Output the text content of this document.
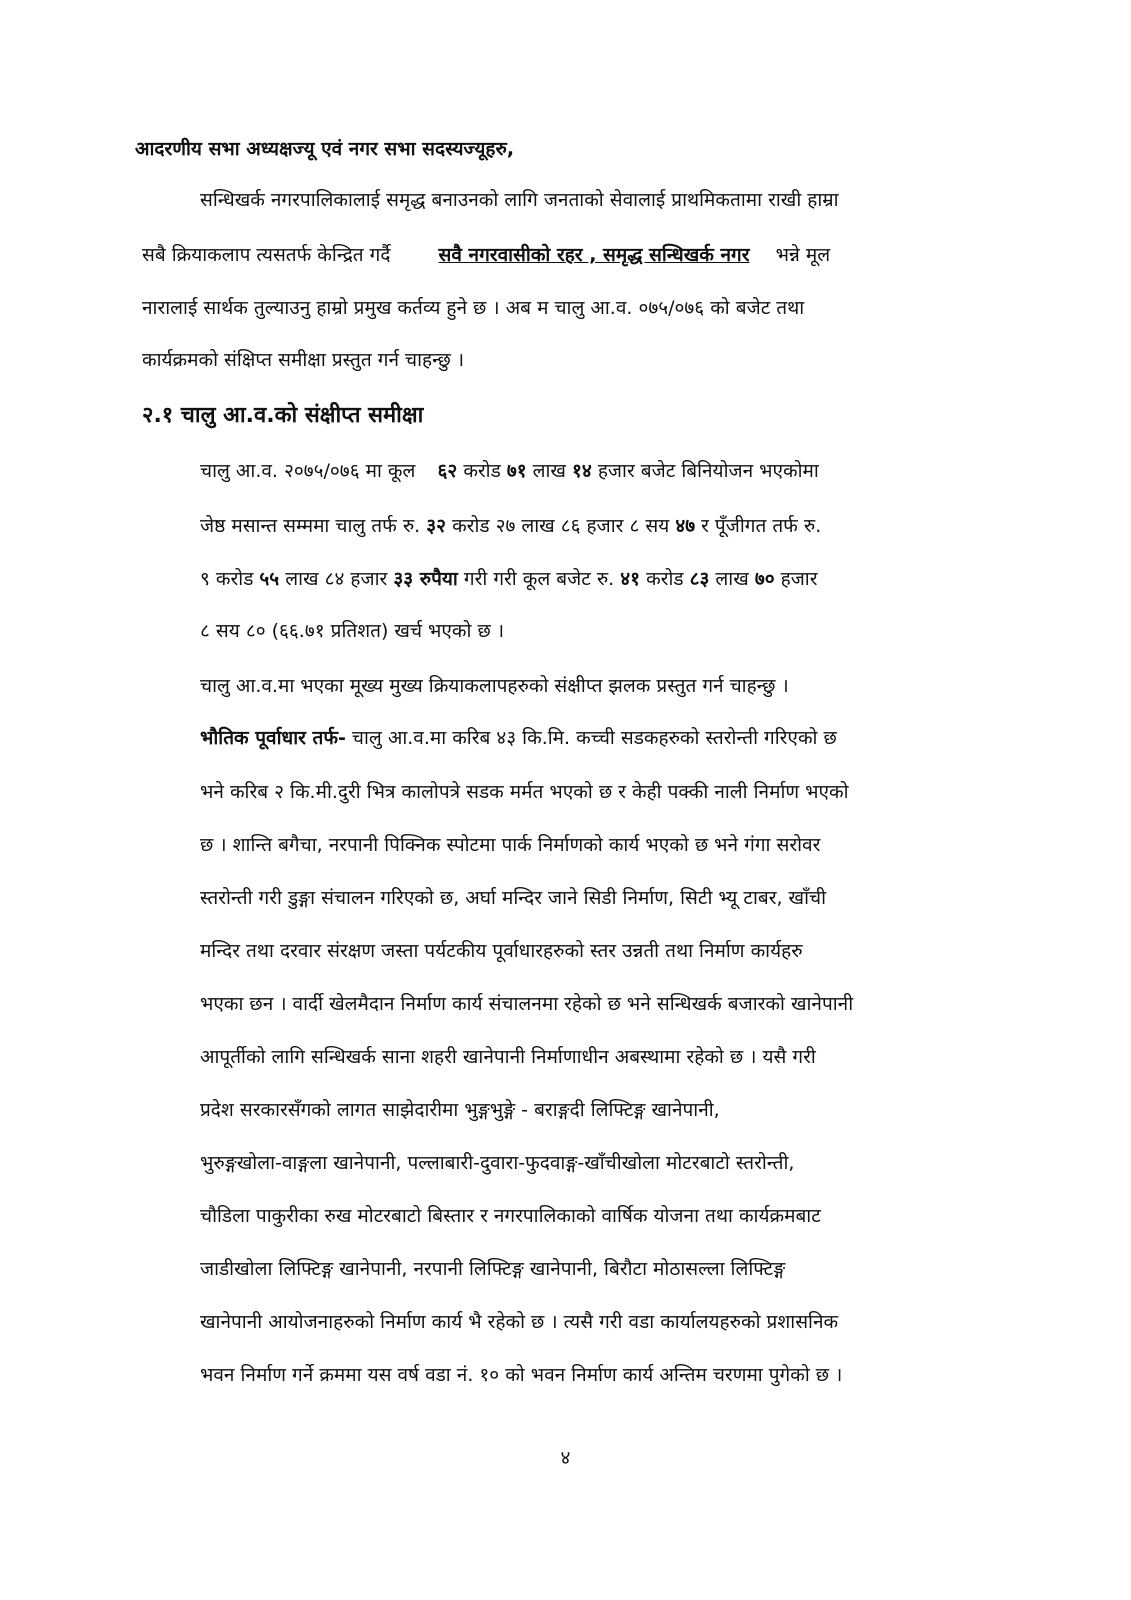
आदरणीय सभा अध्यक्षज्यू एवं नगर सभा सदस्यज्यूहरु,
सन्धिखर्क नगरपालिकालाई समृद्ध बनाउनको लागि जनताको सेवालाई प्राथमिकतामा राखी हाम्रा
सबै क्रियाकलाप त्यसतर्फ केन्द्रित गर्दै	सवै नगरवासीको रहर , समृद्ध सन्धिखर्क नगर भन्ने मूल
नारालाई सार्थक तुल्याउनु हाम्रो प्रमुख कर्तव्य हुने छ । अब म चालु आ.व. ०७५/०७६ को बजेट तथा
कार्यक्रमको संक्षिप्त समीक्षा प्रस्तुत गर्न चाहन्छु ।
२.१ चालु आ.व.को संक्षीप्त समीक्षा
चालु आ.व. २०७५/०७६ मा कूल ६२ करोड ७१ लाख १४ हजार बजेट बिनियोजन भएकोमा
जेष्ठ मसान्त सम्ममा चालु तर्फ रु. ३२ करोड २७ लाख ८६ हजार ८ सय ४७ र पूँजीगत तर्फ रु.
९ करोड ५५ लाख ८४ हजार ३३ रुपैया गरी गरी कूल बजेट रु. ४१ करोड ८३ लाख ७० हजार
८ सय ८० (६६.७१ प्रतिशत) खर्च भएको छ ।
चालु आ.व.मा भएका मूख्य मुख्य क्रियाकलापहरुको संक्षीप्त झलक प्रस्तुत गर्न चाहन्छु ।
भौतिक पूर्वाधार तर्फ- चालु आ.व.मा करिब ४३ कि.मि. कच्ची सडकहरुको स्तरोन्ती गरिएको छ
भने करिब २ कि.मी.दुरी भित्र कालोपत्रे सडक मर्मत भएको छ र केही पक्की नाली निर्माण भएको
छ । शान्ति बगैचा, नरपानी पिक्निक स्पोटमा पार्क निर्माणको कार्य भएको छ भने गंगा सरोवर
स्तरोन्ती गरी डुङ्गा संचालन गरिएको छ, अर्घा मन्दिर जाने सिडी निर्माण, सिटी भ्यू टाबर, खाँची
मन्दिर तथा दरवार संरक्षण जस्ता पर्यटकीय पूर्वाधारहरुको स्तर उन्नती तथा निर्माण कार्यहरु
भएका छन । वार्दी खेलमैदान निर्माण कार्य संचालनमा रहेको छ भने सन्धिखर्क बजारको खानेपानी
आपूर्तीको लागि सन्धिखर्क साना शहरी खानेपानी निर्माणाधीन अबस्थामा रहेको छ । यसै गरी
प्रदेश सरकारसँगको लागत साझेदारीमा भुङ्गभुङ्गे - बराङ्गदी लिफ्टिङ्ग खानेपानी,
भुरुङ्गखोला-वाङ्गला खानेपानी, पल्लाबारी-दुवारा-फुदवाङ्ग-खाँचीखोला मोटरबाटो स्तरोन्ती,
चौडिला पाकुरीका रुख मोटरबाटो बिस्तार र नगरपालिकाको वार्षिक योजना तथा कार्यक्रमबाट
जाडीखोला लिफ्टिङ्ग खानेपानी, नरपानी लिफ्टिङ्ग खानेपानी, बिरौटा मोठासल्ला लिफ्टिङ्ग
खानेपानी आयोजनाहरुको निर्माण कार्य भै रहेको छ । त्यसै गरी वडा कार्यालयहरुको प्रशासनिक
भवन निर्माण गर्ने क्रममा यस वर्ष वडा नं. १० को भवन निर्माण कार्य अन्तिम चरणमा पुगेको छ ।
४
